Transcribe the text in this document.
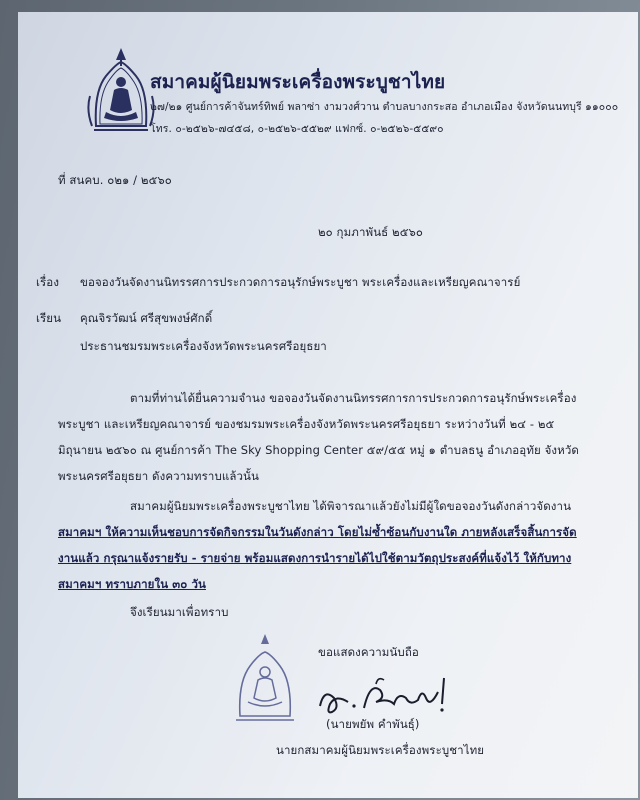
สมาคมผู้นิยมพระเครื่องพระบูชาไทย
๒๗/๒๑ ศูนย์การค้าจันทร์ทิพย์ พลาซ่า งามวงศ์วาน ตำบลบางกระสอ อำเภอเมือง จังหวัดนนทบุรี ๑๑๐๐๐
โทร. ๐-๒๕๒๖-๗๔๕๘, ๐-๒๕๒๖-๕๕๒๙ แฟกซ์. ๐-๒๕๒๖-๕๕๙๐
ที่ สนคบ. ๐๒๑ / ๒๕๖๐
๒๐ กุมภาพันธ์ ๒๕๖๐
เรื่อง ขอจองวันจัดงานนิทรรศการประกวดการอนุรักษ์พระบูชา พระเครื่องและเหรียญคณาจารย์
เรียน คุณจิรวัฒน์ ศรีสุขพงษ์ศักดิ์
ประธานชมรมพระเครื่องจังหวัดพระนครศรีอยุธยา
ตามที่ท่านได้ยื่นความจำนง ขอจองวันจัดงานนิทรรศการการประกวดการอนุรักษ์พระเครื่อง
พระบูชา และเหรียญคณาจารย์ ของชมรมพระเครื่องจังหวัดพระนครศรีอยุธยา ระหว่างวันที่ ๒๔ - ๒๕
มิถุนายน ๒๕๖๐ ณ ศูนย์การค้า The Sky Shopping Center ๕๙/๕๕ หมู่ ๑ ตำบลธนู อำเภออุทัย จังหวัด
พระนครศรีอยุธยา ดังความทราบแล้วนั้น
สมาคมผู้นิยมพระเครื่องพระบูชาไทย ได้พิจารณาแล้วยังไม่มีผู้ใดขอจองวันดังกล่าวจัดงาน
สมาคมฯ ให้ความเห็นชอบการจัดกิจกรรมในวันดังกล่าว โดยไม่ซ้ำซ้อนกับงานใด ภายหลังเสร็จสิ้นการจัด
งานแล้ว กรุณาแจ้งรายรับ - รายจ่าย พร้อมแสดงการนำรายได้ไปใช้ตามวัตถุประสงค์ที่แจ้งไว้ ให้กับทาง
สมาคมฯ ทราบภายใน ๓๐ วัน
จึงเรียนมาเพื่อทราบ
ขอแสดงความนับถือ
(นายพยัพ คำพันธุ์)
นายกสมาคมผู้นิยมพระเครื่องพระบูชาไทย
